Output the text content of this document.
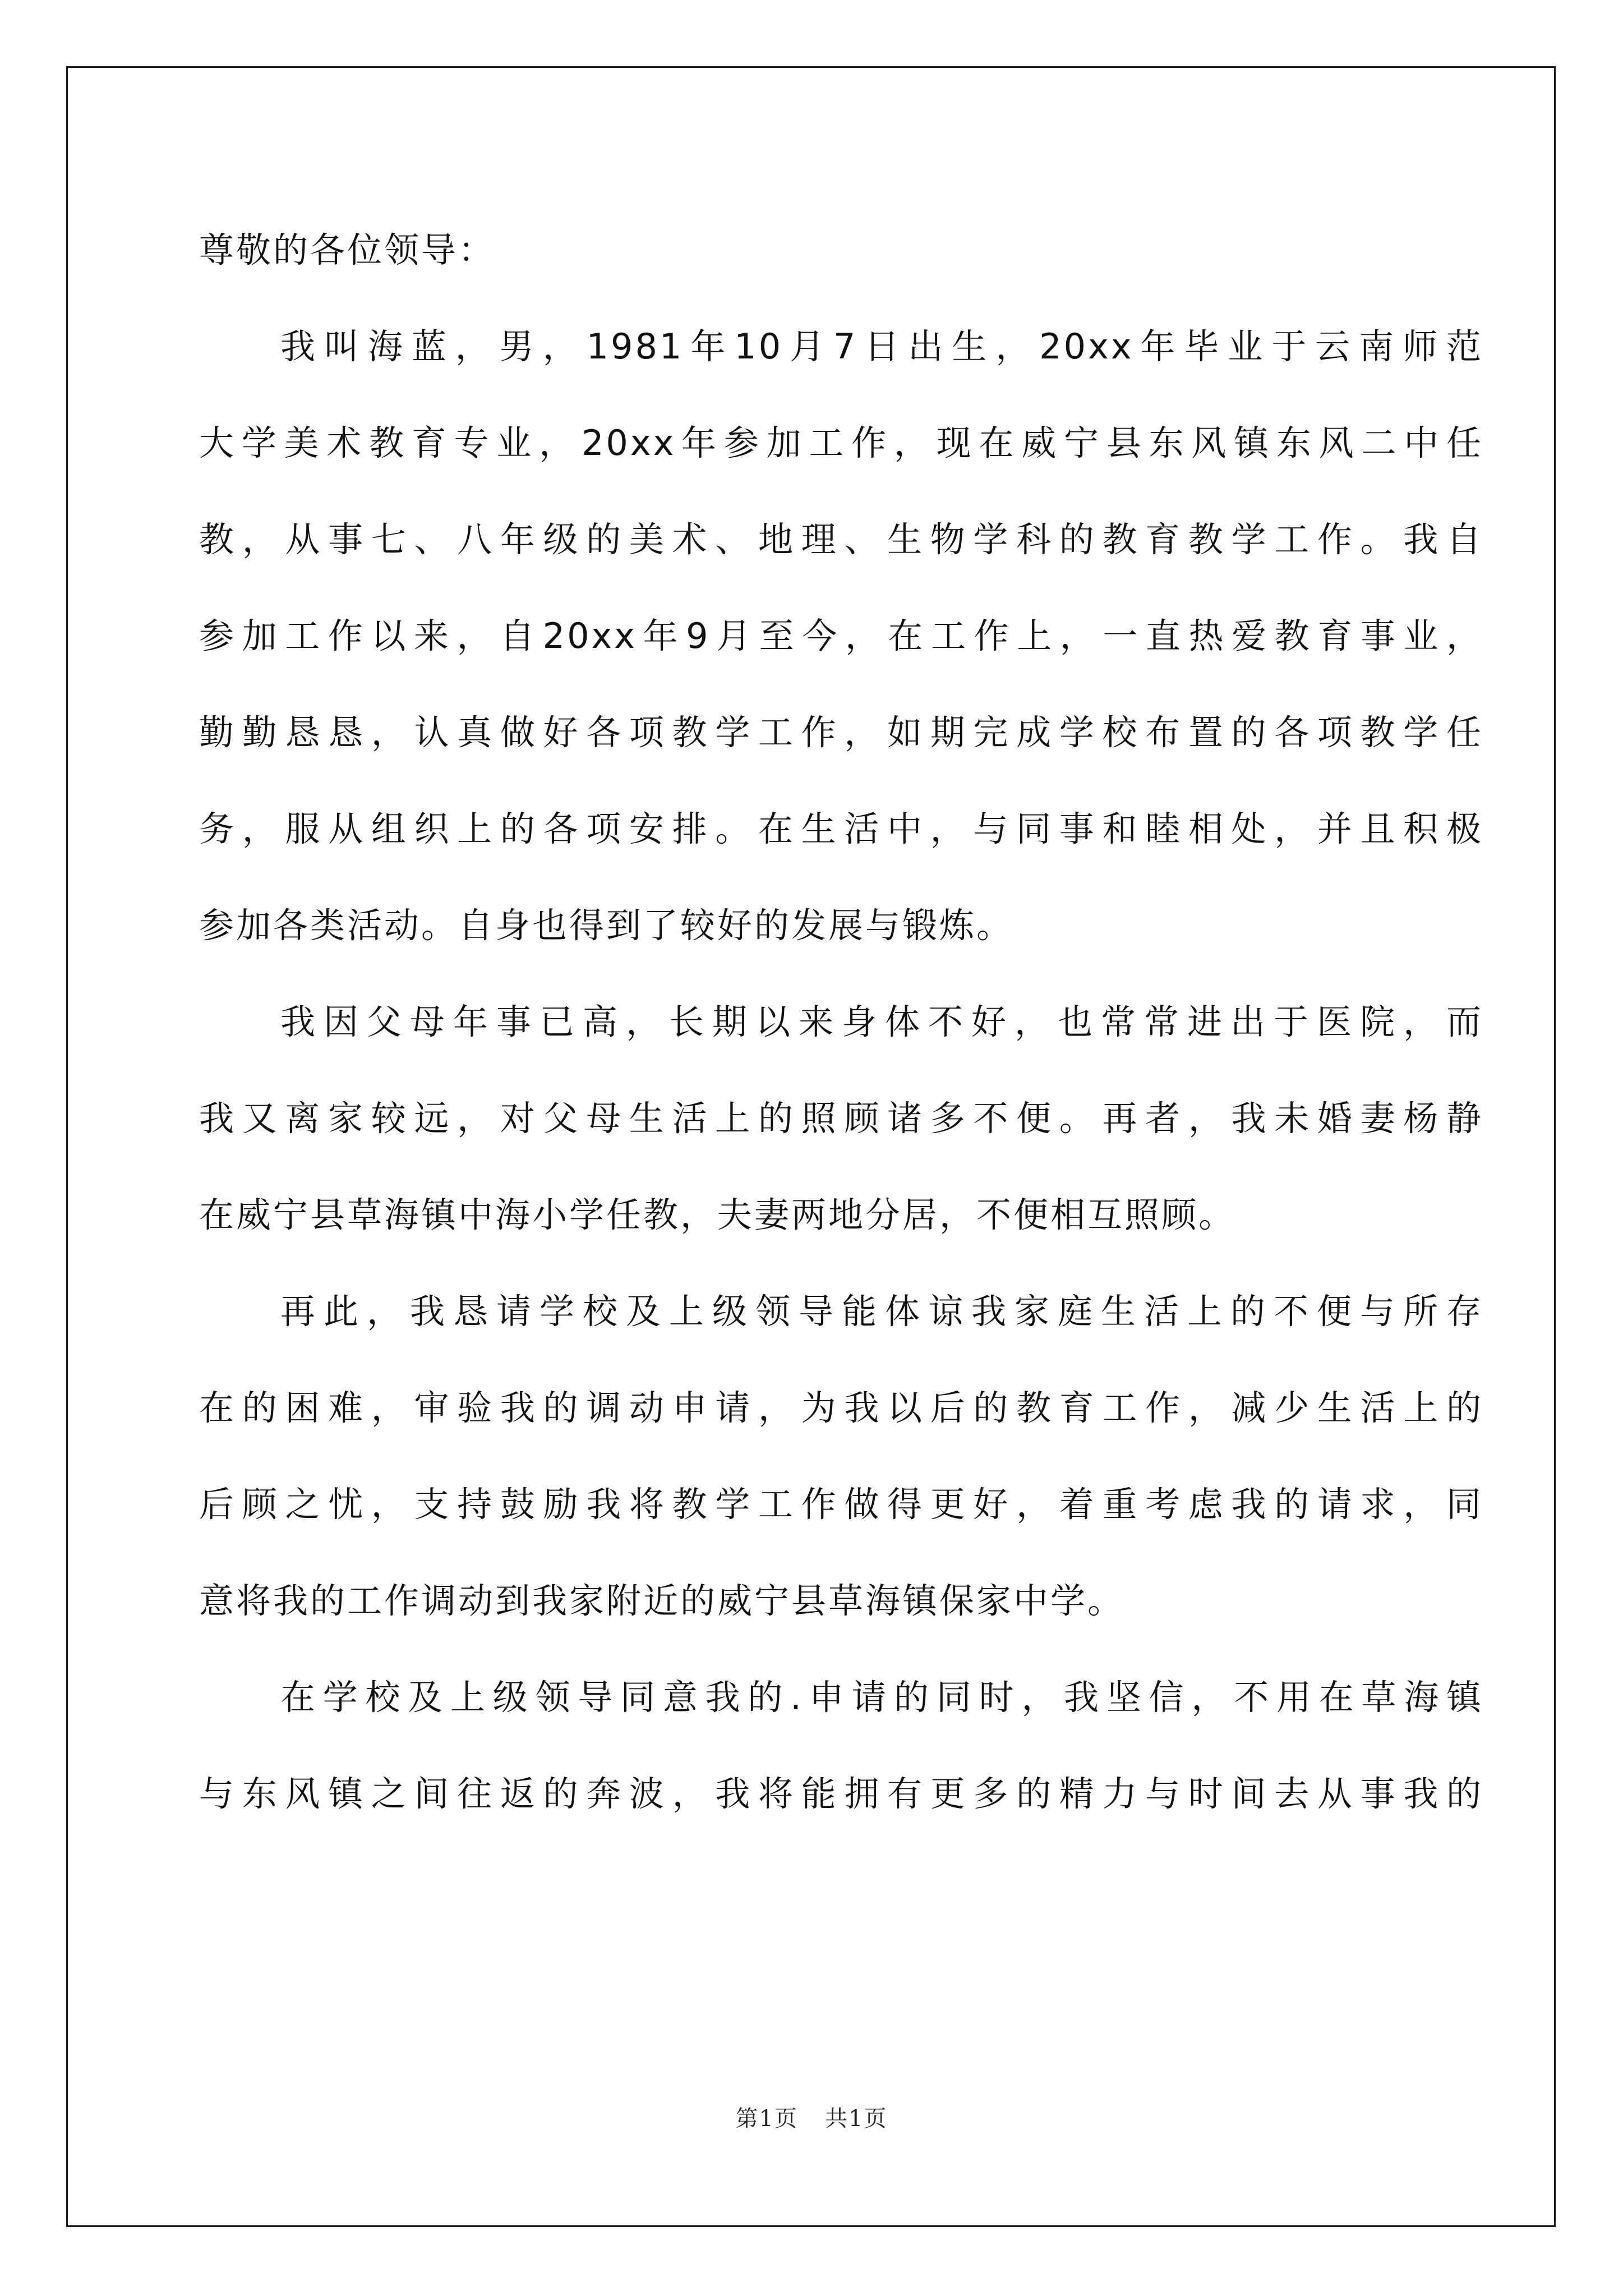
尊敬的各位领导：
我叫海蓝，男，1981年10月7日出生，20xx年毕业于云南师范
大学美术教育专业，20xx年参加工作，现在威宁县东风镇东风二中任
教，从事七、八年级的美术、地理、生物学科的教育教学工作。我自
参加工作以来，自20xx年9月至今，在工作上，一直热爱教育事业，
勤勤恳恳，认真做好各项教学工作，如期完成学校布置的各项教学任
务，服从组织上的各项安排。在生活中，与同事和睦相处，并且积极
参加各类活动。自身也得到了较好的发展与锻炼。
我因父母年事已高，长期以来身体不好，也常常进出于医院，而
我又离家较远，对父母生活上的照顾诸多不便。再者，我未婚妻杨静
在威宁县草海镇中海小学任教，夫妻两地分居，不便相互照顾。
再此，我恳请学校及上级领导能体谅我家庭生活上的不便与所存
在的困难，审验我的调动申请，为我以后的教育工作，减少生活上的
后顾之忧，支持鼓励我将教学工作做得更好，着重考虑我的请求，同
意将我的工作调动到我家附近的威宁县草海镇保家中学。
在学校及上级领导同意我的.申请的同时，我坚信，不用在草海镇
与东风镇之间往返的奔波，我将能拥有更多的精力与时间去从事我的
第1页 共1页
